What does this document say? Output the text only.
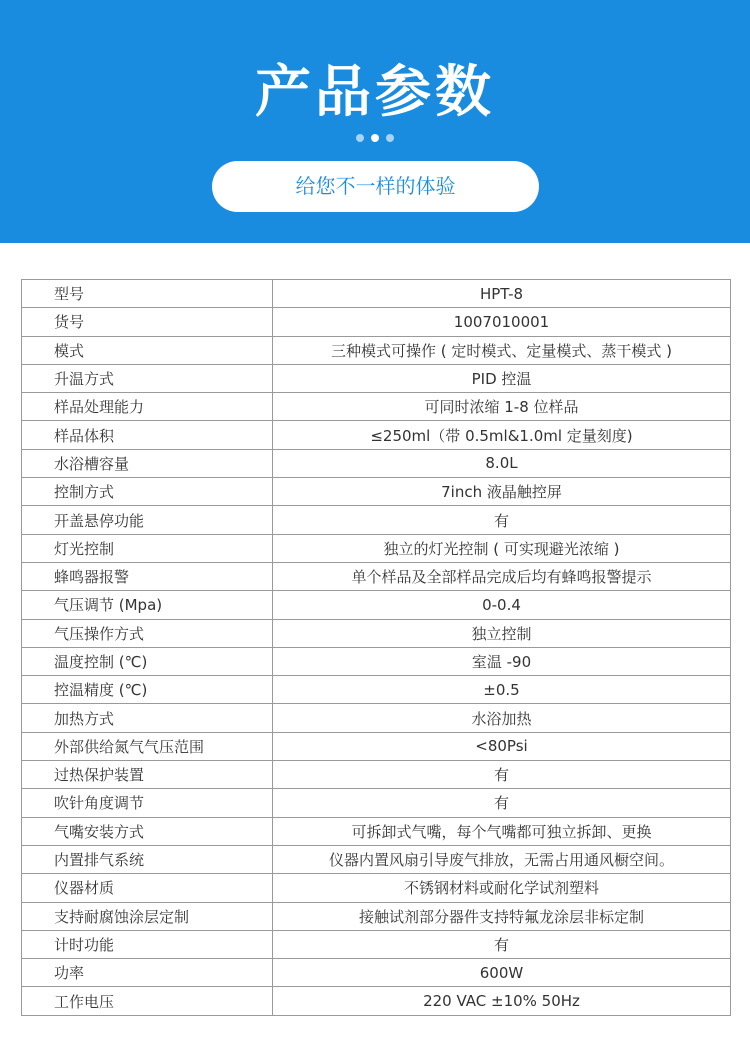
产品参数
给您不一样的体验
型号	HPT-8
货号	1007010001
模式	三种模式可操作 ( 定时模式、定量模式、蒸干模式 )
升温方式	PID 控温
样品处理能力	可同时浓缩 1-8 位样品
样品体积	≤250ml（带 0.5ml&1.0ml 定量刻度)
水浴槽容量	8.0L
控制方式	7inch 液晶触控屏
开盖悬停功能	有
灯光控制	独立的灯光控制 ( 可实现避光浓缩 )
蜂鸣器报警	单个样品及全部样品完成后均有蜂鸣报警提示
气压调节 (Mpa)	0-0.4
气压操作方式	独立控制
温度控制 (℃)	室温 -90
控温精度 (℃)	±0.5
加热方式	水浴加热
外部供给氮气气压范围	<80Psi
过热保护装置	有
吹针角度调节	有
气嘴安装方式	可拆卸式气嘴，每个气嘴都可独立拆卸、更换
内置排气系统	仪器内置风扇引导废气排放，无需占用通风橱空间。
仪器材质	不锈钢材料或耐化学试剂塑料
支持耐腐蚀涂层定制	接触试剂部分器件支持特氟龙涂层非标定制
计时功能	有
功率	600W
工作电压	220 VAC ±10% 50Hz
